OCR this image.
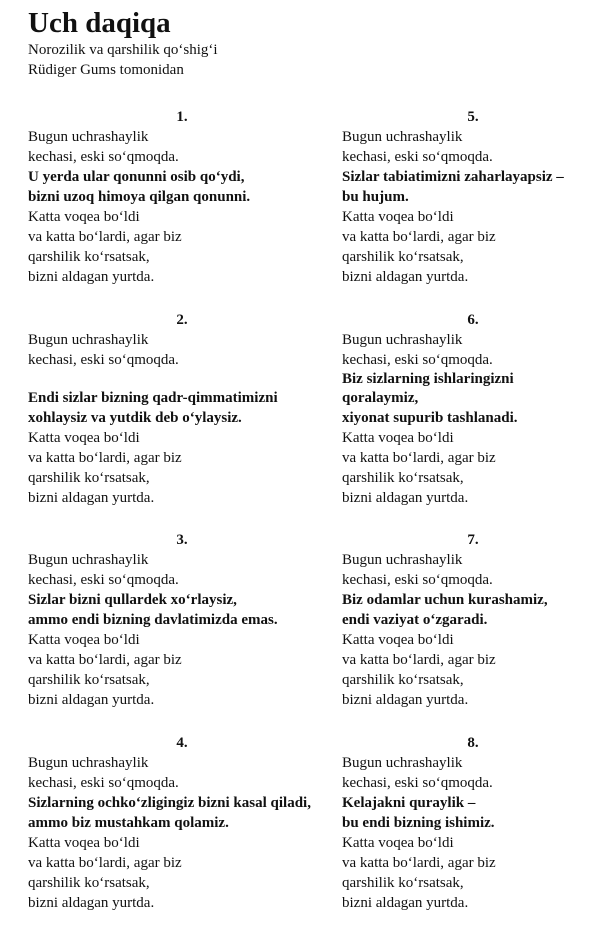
Uch daqiqa
Norozilik va qarshilik qo‘shig‘i
Rüdiger Gums tomonidan
1.
Bugun uchrashaylik
kechasi, eski so‘qmoqda.
U yerda ular qonunni osib qo‘ydi,
bizni uzoq himoya qilgan qonunni.
Katta voqea bo‘ldi
va katta bo‘lardi, agar biz
qarshilik ko‘rsatsak,
bizni aldagan yurtda.
2.
Bugun uchrashaylik
kechasi, eski so‘qmoqda.
Endi sizlar bizning qadr-qimmatimizni
xohlaysiz va yutdik deb o‘ylaysiz.
Katta voqea bo‘ldi
va katta bo‘lardi, agar biz
qarshilik ko‘rsatsak,
bizni aldagan yurtda.
3.
Bugun uchrashaylik
kechasi, eski so‘qmoqda.
Sizlar bizni qullardek xo‘rlaysiz,
ammo endi bizning davlatimizda emas.
Katta voqea bo‘ldi
va katta bo‘lardi, agar biz
qarshilik ko‘rsatsak,
bizni aldagan yurtda.
4.
Bugun uchrashaylik
kechasi, eski so‘qmoqda.
Sizlarning ochko‘zligingiz bizni kasal qiladi,
ammo biz mustahkam qolamiz.
Katta voqea bo‘ldi
va katta bo‘lardi, agar biz
qarshilik ko‘rsatsak,
bizni aldagan yurtda.
5.
Bugun uchrashaylik
kechasi, eski so‘qmoqda.
Sizlar tabiatimizni zaharlayapsiz –
bu hujum.
Katta voqea bo‘ldi
va katta bo‘lardi, agar biz
qarshilik ko‘rsatsak,
bizni aldagan yurtda.
6.
Bugun uchrashaylik
kechasi, eski so‘qmoqda.
Biz sizlarning ishlaringizni
qoralaymiz,
xiyonat supurib tashlanadi.
Katta voqea bo‘ldi
va katta bo‘lardi, agar biz
qarshilik ko‘rsatsak,
bizni aldagan yurtda.
7.
Bugun uchrashaylik
kechasi, eski so‘qmoqda.
Biz odamlar uchun kurashamiz,
endi vaziyat o‘zgaradi.
Katta voqea bo‘ldi
va katta bo‘lardi, agar biz
qarshilik ko‘rsatsak,
bizni aldagan yurtda.
8.
Bugun uchrashaylik
kechasi, eski so‘qmoqda.
Kelajakni quraylik –
bu endi bizning ishimiz.
Katta voqea bo‘ldi
va katta bo‘lardi, agar biz
qarshilik ko‘rsatsak,
bizni aldagan yurtda.
